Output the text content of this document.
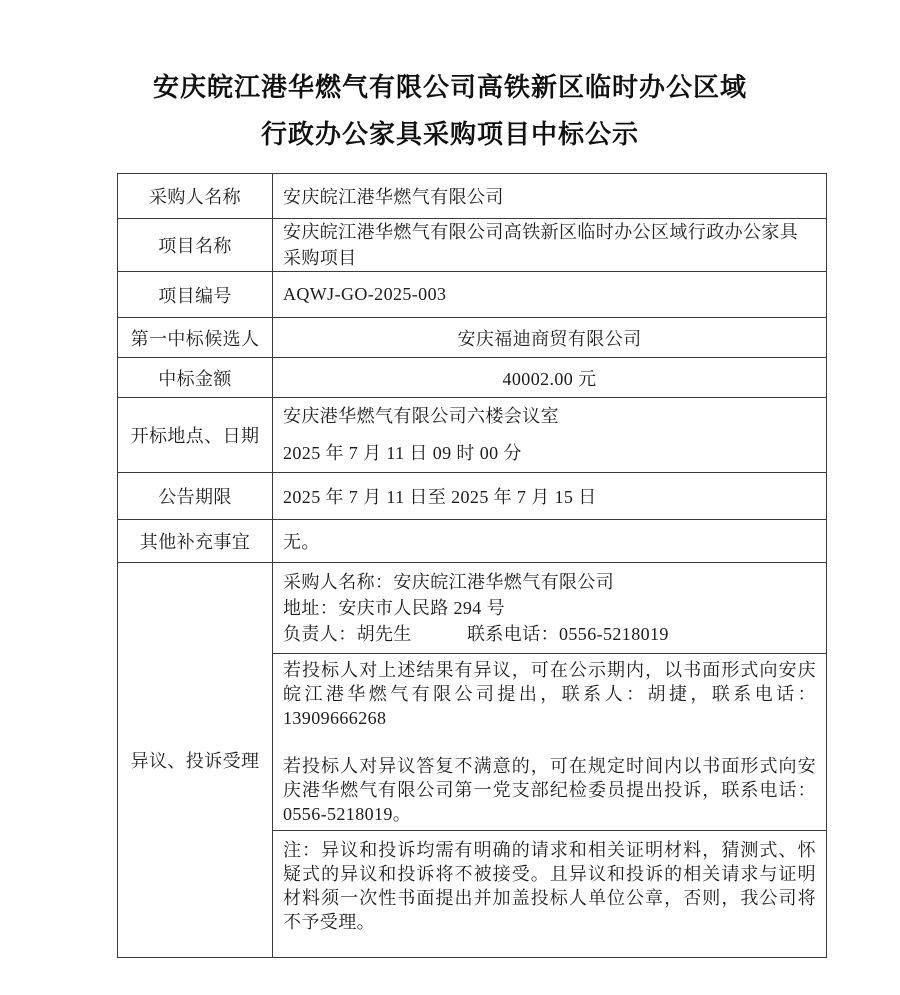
安庆皖江港华燃气有限公司高铁新区临时办公区域
行政办公家具采购项目中标公示
采购人名称	安庆皖江港华燃气有限公司
项目名称	安庆皖江港华燃气有限公司高铁新区临时办公区域行政办公家具采购项目
项目编号	AQWJ-GO-2025-003
第一中标候选人	安庆福迪商贸有限公司
中标金额	40002.00 元
开标地点、日期	安庆港华燃气有限公司六楼会议室
2025 年 7 月 11 日 09 时 00 分

公告期限	2025 年 7 月 11 日至 2025 年 7 月 15 日
其他补充事宜	无。
异议、投诉受理	采购人名称：安庆皖江港华燃气有限公司
地址：安庆市人民路 294 号
负责人：胡先生　　　联系电话：0556-5218019

	若投标人对上述结果有异议，可在公示期内，以书面形式向安庆皖江港华燃气有限公司提出，联系人：胡捷，联系电话：13909666268

若投标人对异议答复不满意的，可在规定时间内以书面形式向安庆港华燃气有限公司第一党支部纪检委员提出投诉，联系电话：0556-5218019。

	注：异议和投诉均需有明确的请求和相关证明材料，猜测式、怀疑式的异议和投诉将不被接受。且异议和投诉的相关请求与证明材料须一次性书面提出并加盖投标人单位公章，否则，我公司将不予受理。
